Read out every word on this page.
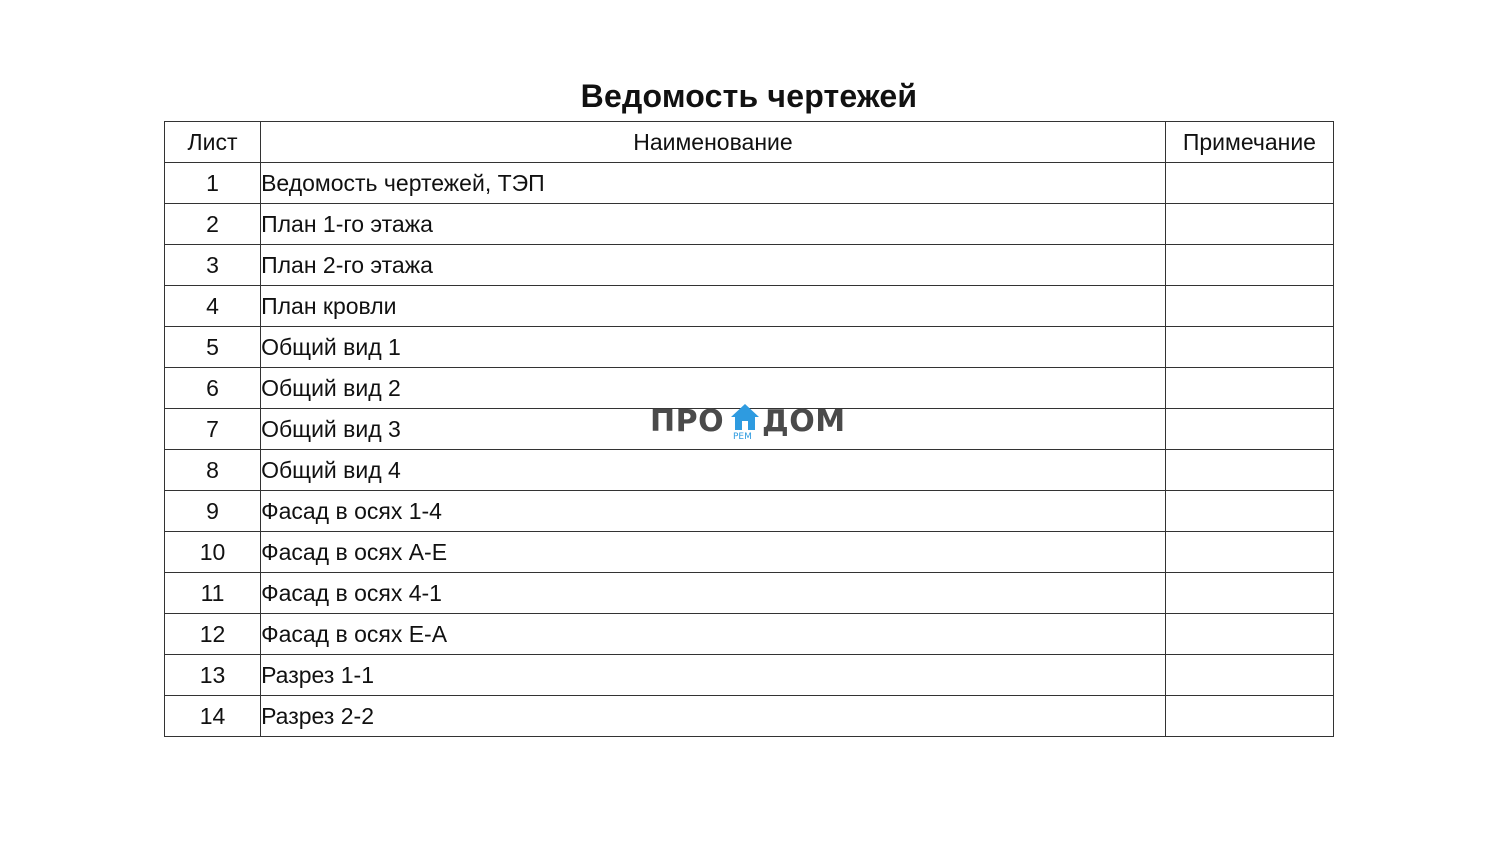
Ведомость чертежей
Лист	Наименование	Примечание
1	Ведомость чертежей, ТЭП	
2	План 1-го этажа	
3	План 2-го этажа	
4	План кровли	
5	Общий вид 1	
6	Общий вид 2	
7	Общий вид 3	
8	Общий вид 4	
9	Фасад в осях 1-4	
10	Фасад в осях А-Е	
11	Фасад в осях 4-1	
12	Фасад в осях Е-А	
13	Разрез 1-1	
14	Разрез 2-2	
ПРО РЕМ ДОМ
